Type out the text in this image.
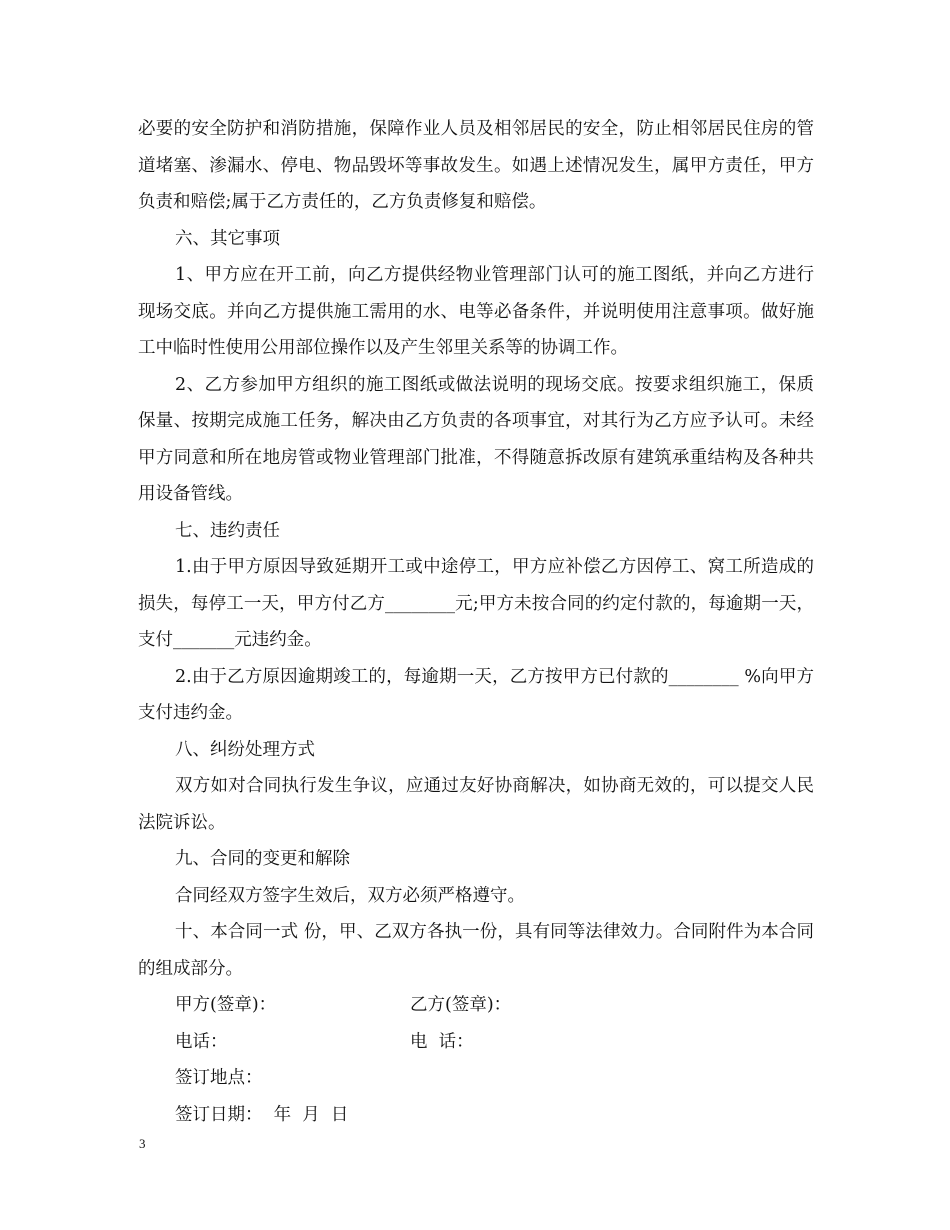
必要的安全防护和消防措施，保障作业人员及相邻居民的安全，防止相邻居民住房的管道堵塞、渗漏水、停电、物品毁坏等事故发生。如遇上述情况发生，属甲方责任，甲方负责和赔偿;属于乙方责任的，乙方负责修复和赔偿。

六、其它事项

1、甲方应在开工前，向乙方提供经物业管理部门认可的施工图纸，并向乙方进行现场交底。并向乙方提供施工需用的水、电等必备条件，并说明使用注意事项。做好施工中临时性使用公用部位操作以及产生邻里关系等的协调工作。

2、乙方参加甲方组织的施工图纸或做法说明的现场交底。按要求组织施工，保质保量、按期完成施工任务，解决由乙方负责的各项事宜，对其行为乙方应予认可。未经甲方同意和所在地房管或物业管理部门批准，不得随意拆改原有建筑承重结构及各种共用设备管线。

七、违约责任

1.由于甲方原因导致延期开工或中途停工，甲方应补偿乙方因停工、窝工所造成的损失，每停工一天，甲方付乙方________元;甲方未按合同的约定付款的，每逾期一天，支付_______元违约金。

2.由于乙方原因逾期竣工的，每逾期一天，乙方按甲方已付款的________ %向甲方支付违约金。

八、纠纷处理方式

双方如对合同执行发生争议，应通过友好协商解决，如协商无效的，可以提交人民法院诉讼。

九、合同的变更和解除

合同经双方签字生效后，双方必须严格遵守。

十、本合同一式 份，甲、乙双方各执一份，具有同等法律效力。合同附件为本合同的组成部分。

甲方(签章)：	乙方(签章)：
电话：	电  话：
签订地点：
签订日期：  年  月  日
3
